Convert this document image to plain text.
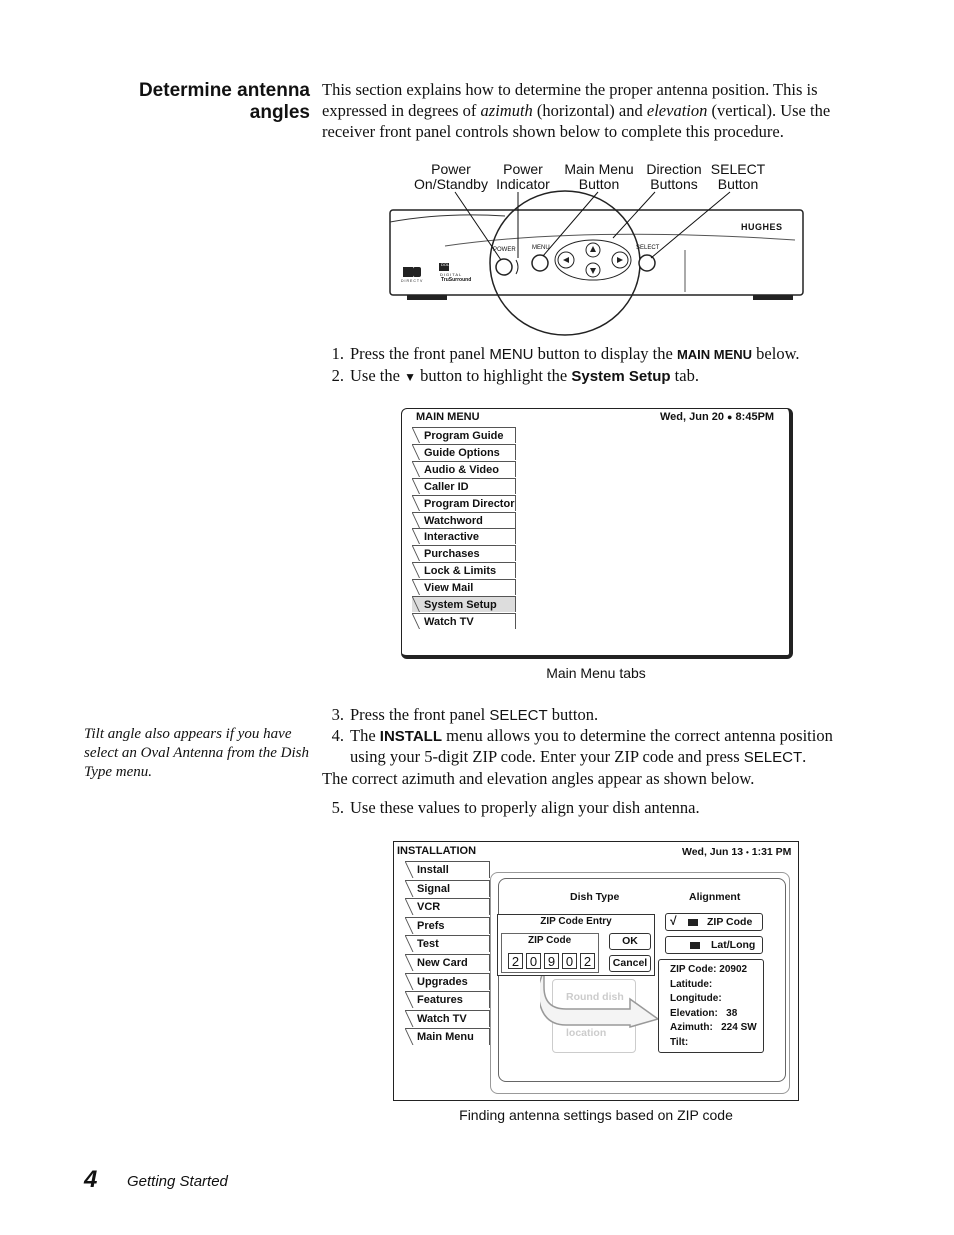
Determine antenna
angles
This section explains how to determine the proper antenna position. This is expressed in degrees of azimuth (horizontal) and elevation (vertical). Use the receiver front panel controls shown below to complete this procedure.
Power
On/Standby
Power
Indicator
Main Menu
Button
Direction
Buttons
SELECT
Button
HUGHES
POWER	MENU	SELECT
DOLBY
DIGITAL
TruSurround
DIRECTV
1. Press the front panel MENU button to display the MAIN MENU below.
2. Use the ▼ button to highlight the System Setup tab.
MAIN MENU	Wed, Jun 20 ● 8:45PM
Program Guide
Guide Options
Audio & Video
Caller ID
Program Director
Watchword
Interactive
Purchases
Lock & Limits
View Mail
System Setup
Watch TV
Main Menu tabs
Tilt angle also appears if you have select an Oval Antenna from the Dish Type menu.
3. Press the front panel SELECT button.
4. The INSTALL menu allows you to determine the correct antenna position
using your 5-digit ZIP code. Enter your ZIP code and press SELECT.
The correct azimuth and elevation angles appear as shown below.
5. Use these values to properly align your dish antenna.
INSTALLATION	Wed, Jun 13 • 1:31 PM
Install
Signal
VCR
Prefs
Test
New Card
Upgrades
Features
Watch TV
Main Menu
Dish Type	Alignment
Round dish
location
ZIP Code Entry
ZIP Code
2 0 9 0 2
OK
Cancel
√	ZIP Code
Lat/Long
ZIP Code: 20902
Latitude:
Longitude:
Elevation: 38
Azimuth: 224 SW
Tilt:
Finding antenna settings based on ZIP code
4 Getting Started
